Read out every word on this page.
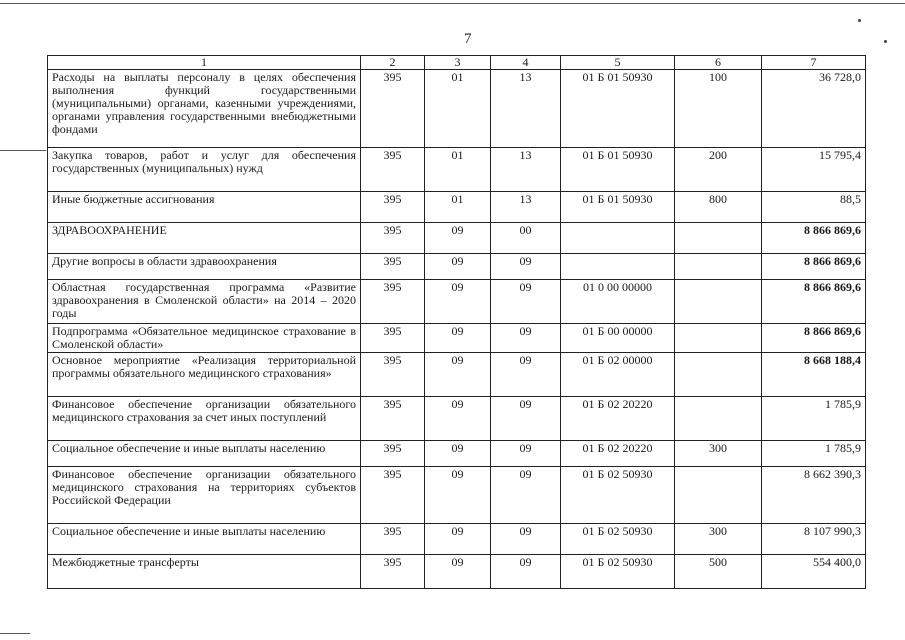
7
1	2	3	4	5	6	7
Расходы на выплаты персоналу в целях обеспечения выполнения функций государственными (муниципальными) органами, казенными учреждениями, органами управления государственными внебюджетными фондами	395	01	13	01 Б 01 50930	100	36 728,0
Закупка товаров, работ и услуг для обеспечения государственных (муниципальных) нужд	395	01	13	01 Б 01 50930	200	15 795,4
Иные бюджетные ассигнования	395	01	13	01 Б 01 50930	800	88,5
ЗДРАВООХРАНЕНИЕ	395	09	00			8 866 869,6
Другие вопросы в области здравоохранения	395	09	09			8 866 869,6
Областная государственная программа «Развитие здравоохранения в Смоленской области» на 2014 – 2020 годы	395	09	09	01 0 00 00000		8 866 869,6
Подпрограмма «Обязательное медицинское страхование в Смоленской области»	395	09	09	01 Б 00 00000		8 866 869,6
Основное мероприятие «Реализация территориальной программы обязательного медицинского страхования»	395	09	09	01 Б 02 00000		8 668 188,4
Финансовое обеспечение организации обязательного медицинского страхования за счет иных поступлений	395	09	09	01 Б 02 20220		1 785,9
Социальное обеспечение и иные выплаты населению	395	09	09	01 Б 02 20220	300	1 785,9
Финансовое обеспечение организации обязательного медицинского страхования на территориях субъектов Российской Федерации	395	09	09	01 Б 02 50930		8 662 390,3
Социальное обеспечение и иные выплаты населению	395	09	09	01 Б 02 50930	300	8 107 990,3
Межбюджетные трансферты	395	09	09	01 Б 02 50930	500	554 400,0
